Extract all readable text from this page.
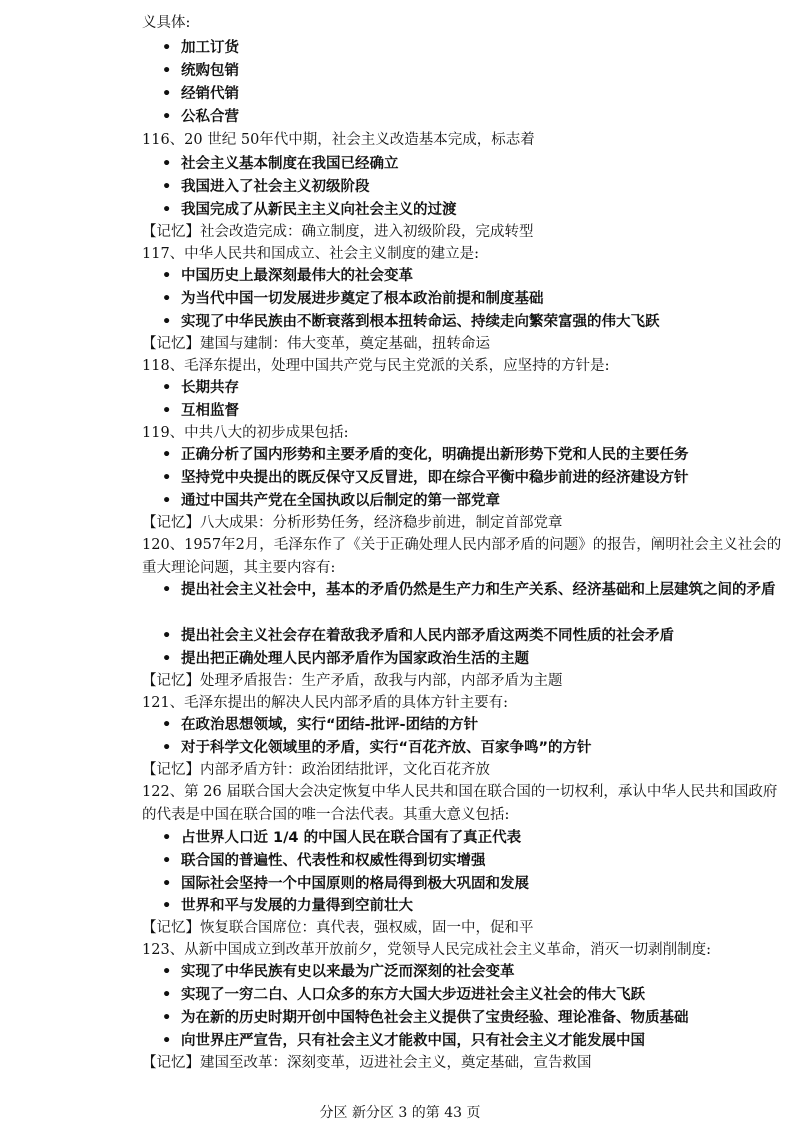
义具体:
• 加工订货
• 统购包销
• 经销代销
• 公私合营
116、20 世纪 50年代中期，社会主义改造基本完成，标志着
• 社会主义基本制度在我国已经确立
• 我国进入了社会主义初级阶段
• 我国完成了从新民主主义向社会主义的过渡
【记忆】社会改造完成：确立制度，进入初级阶段，完成转型
117、中华人民共和国成立、社会主义制度的建立是:
• 中国历史上最深刻最伟大的社会变革
• 为当代中国一切发展进步奠定了根本政治前提和制度基础
• 实现了中华民族由不断衰落到根本扭转命运、持续走向繁荣富强的伟大飞跃
【记忆】建国与建制：伟大变革，奠定基础，扭转命运
118、毛泽东提出，处理中国共产党与民主党派的关系，应坚持的方针是:
• 长期共存
• 互相监督
119、中共八大的初步成果包括:
• 正确分析了国内形势和主要矛盾的变化，明确提出新形势下党和人民的主要任务
• 坚持党中央提出的既反保守又反冒进，即在综合平衡中稳步前进的经济建设方针
• 通过中国共产党在全国执政以后制定的第一部党章
【记忆】八大成果：分析形势任务，经济稳步前进，制定首部党章
120、1957年2月，毛泽东作了《关于正确处理人民内部矛盾的问题》的报告，阐明社会主义社会的重大理论问题，其主要内容有:
• 提出社会主义社会中，基本的矛盾仍然是生产力和生产关系、经济基础和上层建筑之间的矛盾
• 提出社会主义社会存在着敌我矛盾和人民内部矛盾这两类不同性质的社会矛盾
• 提出把正确处理人民内部矛盾作为国家政治生活的主题
【记忆】处理矛盾报告：生产矛盾，敌我与内部，内部矛盾为主题
121、毛泽东提出的解决人民内部矛盾的具体方针主要有:
• 在政治思想领域，实行“团结-批评-团结的方针
• 对于科学文化领域里的矛盾，实行“百花齐放、百家争鸣”的方针
【记忆】内部矛盾方针：政治团结批评，文化百花齐放
122、第 26 届联合国大会决定恢复中华人民共和国在联合国的一切权利，承认中华人民共和国政府的代表是中国在联合国的唯一合法代表。其重大意义包括:
• 占世界人口近 1/4 的中国人民在联合国有了真正代表
• 联合国的普遍性、代表性和权威性得到切实增强
• 国际社会坚持一个中国原则的格局得到极大巩固和发展
• 世界和平与发展的力量得到空前壮大
【记忆】恢复联合国席位：真代表，强权威，固一中，促和平
123、从新中国成立到改革开放前夕，党领导人民完成社会主义革命，消灭一切剥削制度:
• 实现了中华民族有史以来最为广泛而深刻的社会变革
• 实现了一穷二白、人口众多的东方大国大步迈进社会主义社会的伟大飞跃
• 为在新的历史时期开创中国特色社会主义提供了宝贵经验、理论准备、物质基础
• 向世界庄严宣告，只有社会主义才能救中国，只有社会主义才能发展中国
【记忆】建国至改革：深刻变革，迈进社会主义，奠定基础，宣告救国
分区 新分区 3 的第 43 页
